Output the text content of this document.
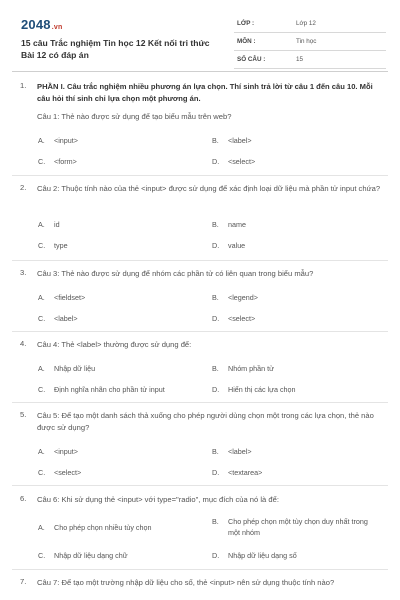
2048.vn
15 câu Trắc nghiệm Tin học 12 Kết nối tri thức Bài 12 có đáp án
LỚP :	Lớp 12
MÔN :	Tin học
SỐ CÂU :	15
1. PHẦN I. Câu trắc nghiệm nhiều phương án lựa chọn. Thí sinh trả lời từ câu 1 đến câu 10. Mỗi câu hỏi thí sinh chỉ lựa chọn một phương án.
Câu 1: Thẻ nào được sử dụng để tạo biểu mẫu trên web?
A. <input>	B. <label>
C. <form>	D. <select>
2. Câu 2: Thuộc tính nào của thẻ <input> được sử dụng để xác định loại dữ liệu mà phần tử input chứa?
A. id	B. name
C. type	D. value
3. Câu 3: Thẻ nào được sử dụng để nhóm các phần tử có liên quan trong biểu mẫu?
A. <fieldset>	B. <legend>
C. <label>	D. <select>
4. Câu 4: Thẻ <label> thường được sử dụng để:
A. Nhập dữ liệu	B. Nhóm phần tử
C. Định nghĩa nhãn cho phần tử input	D. Hiển thị các lựa chọn
5. Câu 5: Để tạo một danh sách thả xuống cho phép người dùng chọn một trong các lựa chọn, thẻ nào được sử dụng?
A. <input>	B. <label>
C. <select>	D. <textarea>
6. Câu 6: Khi sử dụng thẻ <input> với type="radio", mục đích của nó là để:
A. Cho phép chọn nhiều tùy chọn
B. Cho phép chọn một tùy chọn duy nhất trong một nhóm
C. Nhập dữ liệu dạng chữ	D. Nhập dữ liệu dạng số
7. Câu 7: Để tạo một trường nhập dữ liệu cho số, thẻ <input> nên sử dụng thuộc tính nào?
